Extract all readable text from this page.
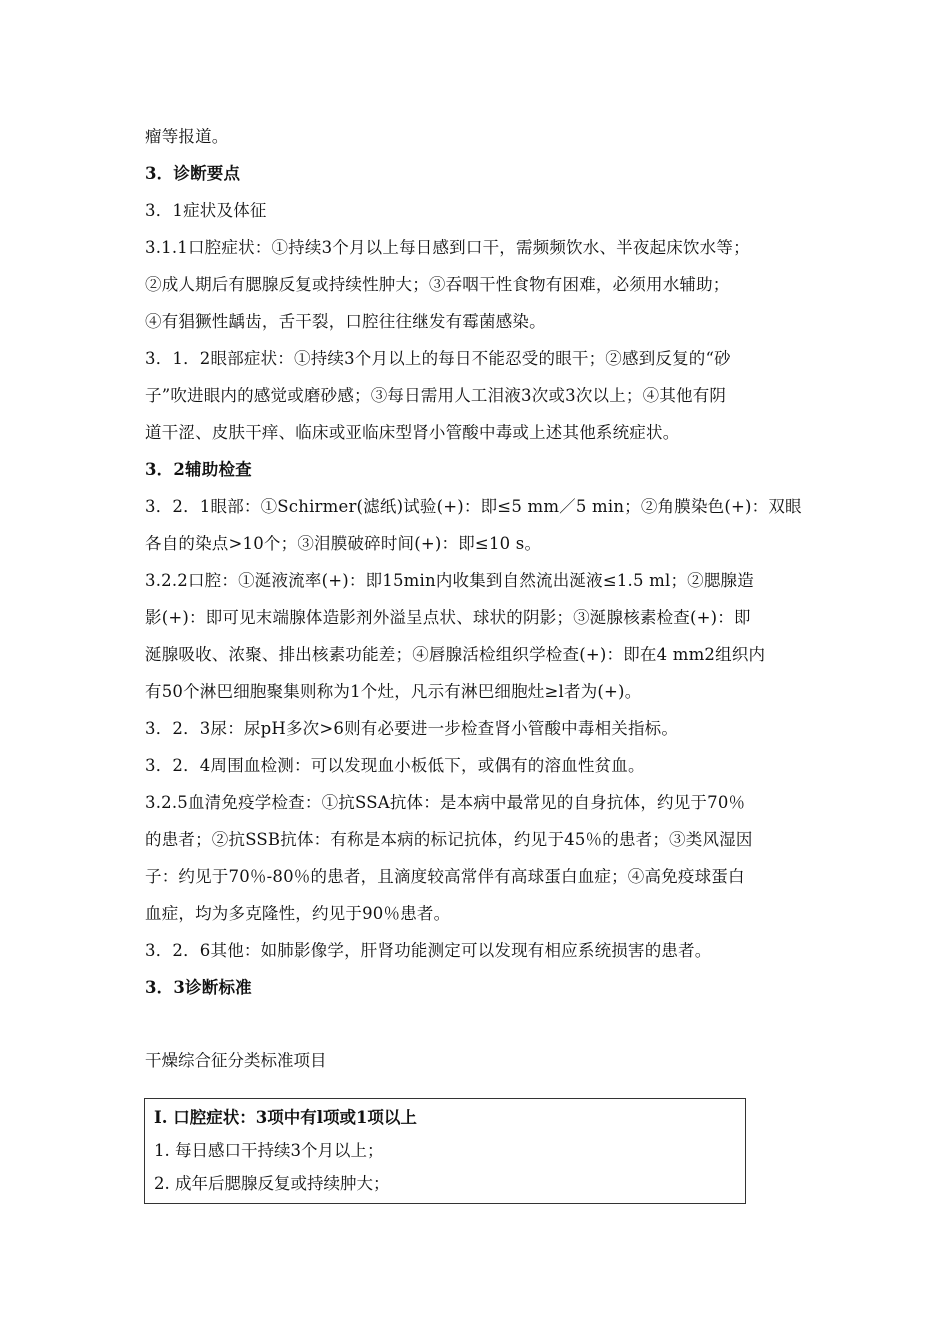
瘤等报道。
3．诊断要点
3．1症状及体征
3.1.1口腔症状：①持续3个月以上每日感到口干，需频频饮水、半夜起床饮水等；
②成人期后有腮腺反复或持续性肿大；③吞咽干性食物有困难，必须用水辅助；
④有猖獗性龋齿，舌干裂，口腔往往继发有霉菌感染。
3．1．2眼部症状：①持续3个月以上的每日不能忍受的眼干；②感到反复的“砂
子”吹进眼内的感觉或磨砂感；③每日需用人工泪液3次或3次以上；④其他有阴
道干涩、皮肤干痒、临床或亚临床型肾小管酸中毒或上述其他系统症状。
3．2辅助检查
3．2．1眼部：①Schirmer(滤纸)试验(+)：即≤5 mm／5 min；②角膜染色(+)：双眼
各自的染点>10个；③泪膜破碎时间(+)：即≤10 s。
3.2.2口腔：①涎液流率(+)：即15min内收集到自然流出涎液≤1.5 ml；②腮腺造
影(+)：即可见末端腺体造影剂外溢呈点状、球状的阴影；③涎腺核素检查(+)：即
涎腺吸收、浓聚、排出核素功能差；④唇腺活检组织学检查(+)：即在4 mm2组织内
有50个淋巴细胞聚集则称为1个灶，凡示有淋巴细胞灶≥l者为(+)。
3．2．3尿：尿pH多次>6则有必要进一步检查肾小管酸中毒相关指标。
3．2．4周围血检测：可以发现血小板低下，或偶有的溶血性贫血。
3.2.5血清免疫学检查：①抗SSA抗体：是本病中最常见的自身抗体，约见于70％
的患者；②抗SSB抗体：有称是本病的标记抗体，约见于45％的患者；③类风湿因
子：约见于70％-80％的患者，且滴度较高常伴有高球蛋白血症；④高免疫球蛋白
血症，均为多克隆性，约见于90％患者。
3．2．6其他：如肺影像学，肝肾功能测定可以发现有相应系统损害的患者。
3．3诊断标准
干燥综合征分类标准项目
I. 口腔症状：3项中有l项或1项以上
1. 每日感口干持续3个月以上；
2. 成年后腮腺反复或持续肿大；
